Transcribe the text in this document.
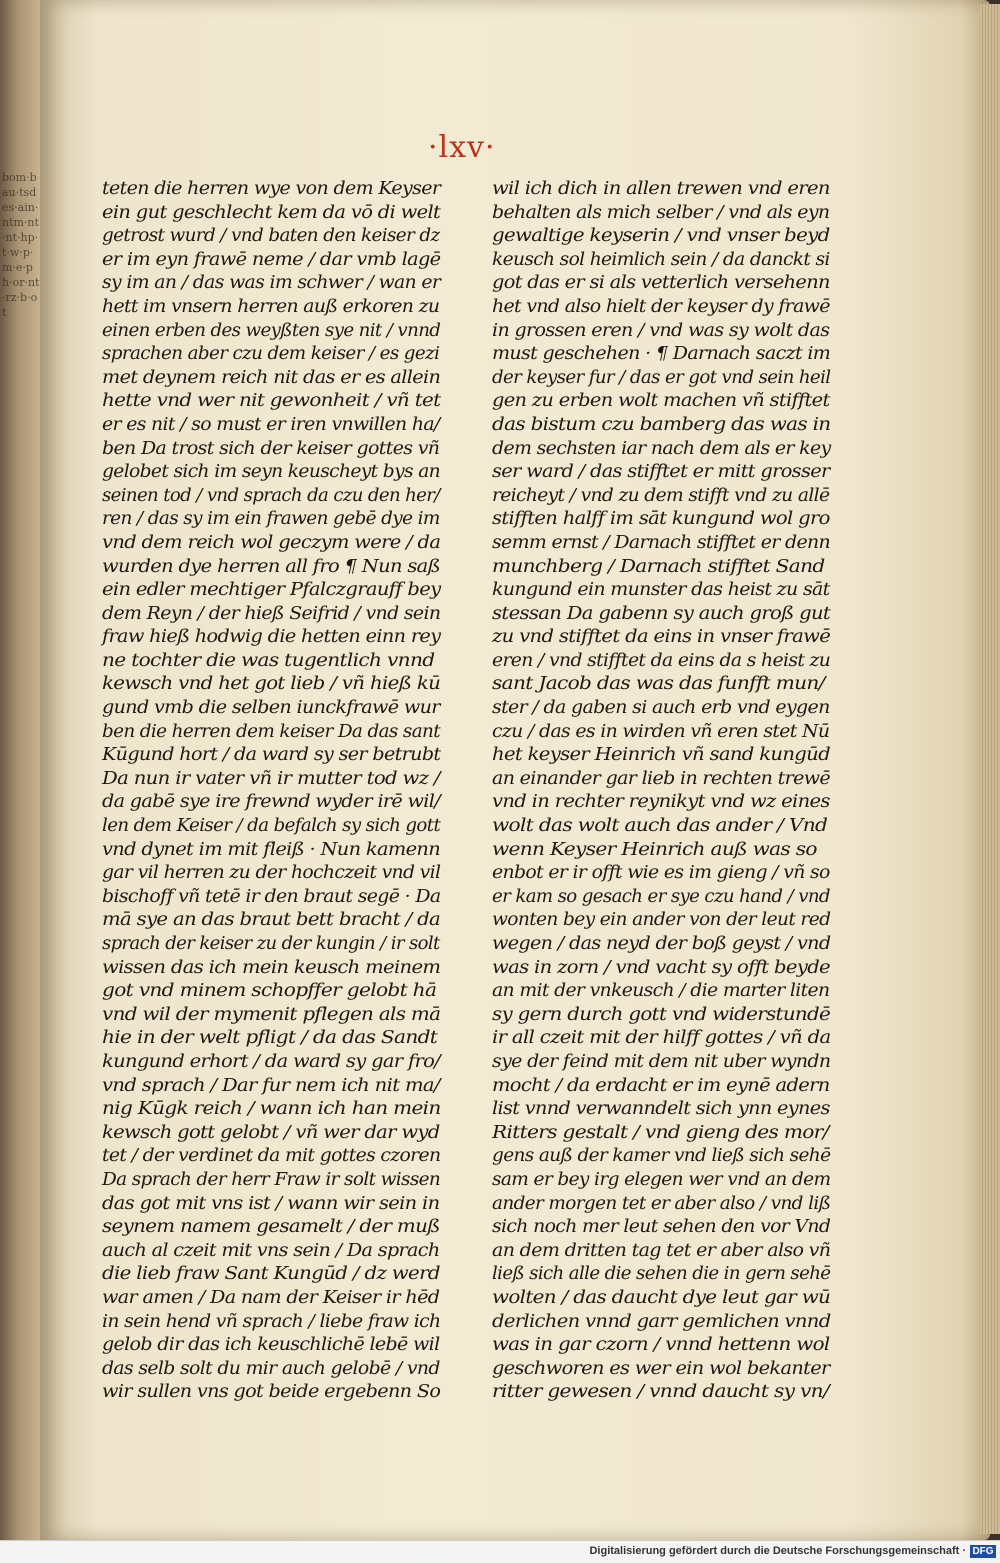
bom·bau·tsdes·ain·ntm·nt·nt·hp·t·w·p·m·e·ph·or·nt·rz·b·ot
·lxv·
teten die herren wye von dem Keyser
ein gut geschlecht kem da vō di welt
getrost wurd / vnd baten den keiser dz
er im eyn frawē neme / dar vmb lagē
sy im an / das was im schwer / wan er
hett im vnsern herren auß erkoren zu
einen erben des weyßten sye nit / vnnd
sprachen aber czu dem keiser / es gezi
met deynem reich nit das er es allein
hette vnd wer nit gewonheit / vñ tet
er es nit / so must er iren vnwillen ha/
ben Da trost sich der keiser gottes vñ
gelobet sich im seyn keuscheyt bys an
seinen tod / vnd sprach da czu den her/
ren / das sy im ein frawen gebē dye im
vnd dem reich wol geczym were / da
wurden dye herren all fro ¶ Nun saß
ein edler mechtiger Pfalczgrauff bey
dem Reyn / der hieß Seifrid / vnd sein
fraw hieß hodwig die hetten einn rey
ne tochter die was tugentlich vnnd
kewsch vnd het got lieb / vñ hieß kū
gund vmb die selben iunckfrawē wur
ben die herren dem keiser Da das sant
Kūgund hort / da ward sy ser betrubt
Da nun ir vater vñ ir mutter tod wz /
da gabē sye ire frewnd wyder irē wil/
len dem Keiser / da befalch sy sich gott
vnd dynet im mit fleiß · Nun kamenn
gar vil herren zu der hochczeit vnd vil
bischoff vñ tetē ir den braut segē · Da
mā sye an das braut bett bracht / da
sprach der keiser zu der kungin / ir solt
wissen das ich mein keusch meinem
got vnd minem schopffer gelobt hā
vnd wil der mymenit pflegen als mā
hie in der welt pfligt / da das Sandt
kungund erhort / da ward sy gar fro/
vnd sprach / Dar fur nem ich nit ma/
nig Kūgk reich / wann ich han mein
kewsch gott gelobt / vñ wer dar wyd
tet / der verdinet da mit gottes czoren
Da sprach der herr Fraw ir solt wissen
das got mit vns ist / wann wir sein in
seynem namem gesamelt / der muß
auch al czeit mit vns sein / Da sprach
die lieb fraw Sant Kungūd / dz werd
war amen / Da nam der Keiser ir hēd
in sein hend vñ sprach / liebe fraw ich
gelob dir das ich keuschlichē lebē wil
das selb solt du mir auch gelobē / vnd
wir sullen vns got beide ergebenn So
wil ich dich in allen trewen vnd eren
behalten als mich selber / vnd als eyn
gewaltige keyserin / vnd vnser beyd
keusch sol heimlich sein / da danckt si
got das er si als vetterlich versehenn
het vnd also hielt der keyser dy frawē
in grossen eren / vnd was sy wolt das
must geschehen · ¶ Darnach saczt im
der keyser fur / das er got vnd sein heil
gen zu erben wolt machen vñ stifftet
das bistum czu bamberg das was in
dem sechsten iar nach dem als er key
ser ward / das stifftet er mitt grosser
reicheyt / vnd zu dem stifft vnd zu allē
stifften halff im sāt kungund wol gro
semm ernst / Darnach stifftet er denn
munchberg / Darnach stifftet Sand
kungund ein munster das heist zu sāt
stessan Da gabenn sy auch groß gut
zu vnd stifftet da eins in vnser frawē
eren / vnd stifftet da eins da s heist zu
sant Jacob das was das funfft mun/
ster / da gaben si auch erb vnd eygen
czu / das es in wirden vñ eren stet Nū
het keyser Heinrich vñ sand kungūd
an einander gar lieb in rechten trewē
vnd in rechter reynikyt vnd wz eines
wolt das wolt auch das ander / Vnd
wenn Keyser Heinrich auß was so
enbot er ir offt wie es im gieng / vñ so
er kam so gesach er sye czu hand / vnd
wonten bey ein ander von der leut red
wegen / das neyd der boß geyst / vnd
was in zorn / vnd vacht sy offt beyde
an mit der vnkeusch / die marter liten
sy gern durch gott vnd widerstundē
ir all czeit mit der hilff gottes / vñ da
sye der feind mit dem nit uber wyndn
mocht / da erdacht er im eynē adern
list vnnd verwanndelt sich ynn eynes
Ritters gestalt / vnd gieng des mor/
gens auß der kamer vnd ließ sich sehē
sam er bey irg elegen wer vnd an dem
ander morgen tet er aber also / vnd liß
sich noch mer leut sehen den vor Vnd
an dem dritten tag tet er aber also vñ
ließ sich alle die sehen die in gern sehē
wolten / das daucht dye leut gar wū
derlichen vnnd garr gemlichen vnnd
was in gar czorn / vnnd hettenn wol
geschworen es wer ein wol bekanter
ritter gewesen / vnnd daucht sy vn/
Digitalisierung gefördert durch die Deutsche Forschungsgemeinschaft · DFG
